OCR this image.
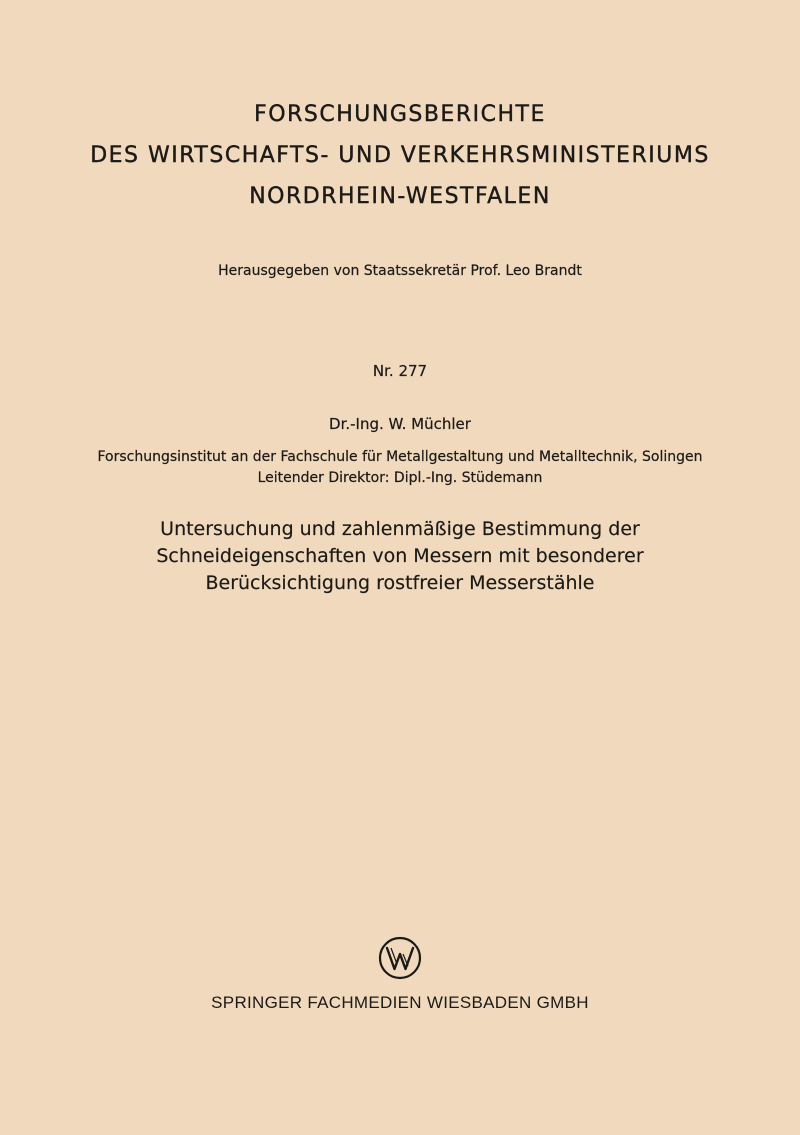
FORSCHUNGSBERICHTE
DES WIRTSCHAFTS- UND VERKEHRSMINISTERIUMS
NORDRHEIN-WESTFALEN
Herausgegeben von Staatssekretär Prof. Leo Brandt
Nr. 277
Dr.-Ing. W. Müchler
Forschungsinstitut an der Fachschule für Metallgestaltung und Metalltechnik, Solingen
Leitender Direktor: Dipl.-Ing. Stüdemann
Untersuchung und zahlenmäßige Bestimmung der
Schneideigenschaften von Messern mit besonderer
Berücksichtigung rostfreier Messerstähle
SPRINGER FACHMEDIEN WIESBADEN GMBH
